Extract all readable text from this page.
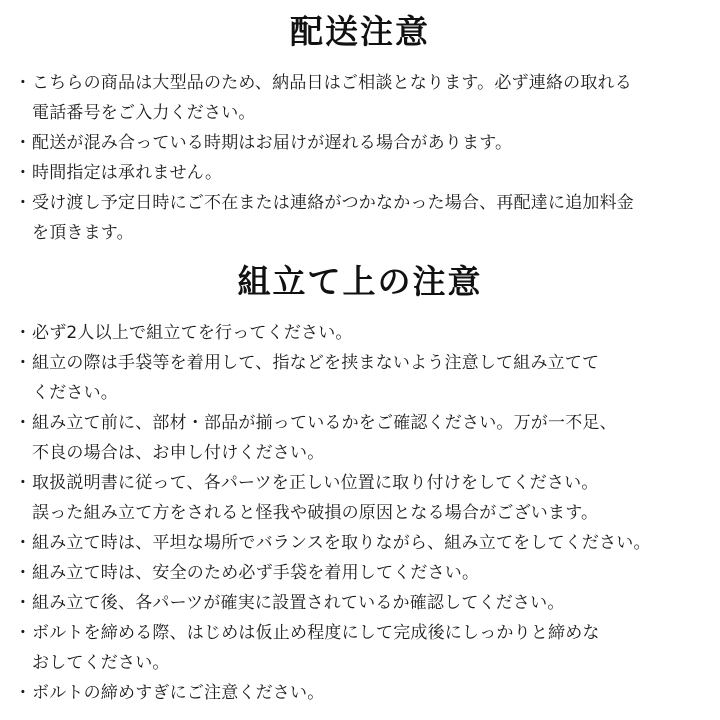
配送注意
・ こちらの商品は大型品のため、納品日はご相談となります。必ず連絡の取れる
電話番号をご入力ください。
・ 配送が混み合っている時期はお届けが遅れる場合があります。
・ 時間指定は承れません。
・ 受け渡し予定日時にご不在または連絡がつかなかった場合、再配達に追加料金
を頂きます。
組立て上の注意
・ 必ず2人以上で組立てを行ってください。
・ 組立の際は手袋等を着用して、指などを挟まないよう注意して組み立てて
ください。
・ 組み立て前に、部材・部品が揃っているかをご確認ください。万が一不足、
不良の場合は、お申し付けください。
・ 取扱説明書に従って、各パーツを正しい位置に取り付けをしてください。
誤った組み立て方をされると怪我や破損の原因となる場合がございます。
・ 組み立て時は、平坦な場所でバランスを取りながら、組み立てをしてください。
・ 組み立て時は、安全のため必ず手袋を着用してください。
・ 組み立て後、各パーツが確実に設置されているか確認してください。
・ ボルトを締める際、はじめは仮止め程度にして完成後にしっかりと締めな
おしてください。
・ ボルトの締めすぎにご注意ください。
